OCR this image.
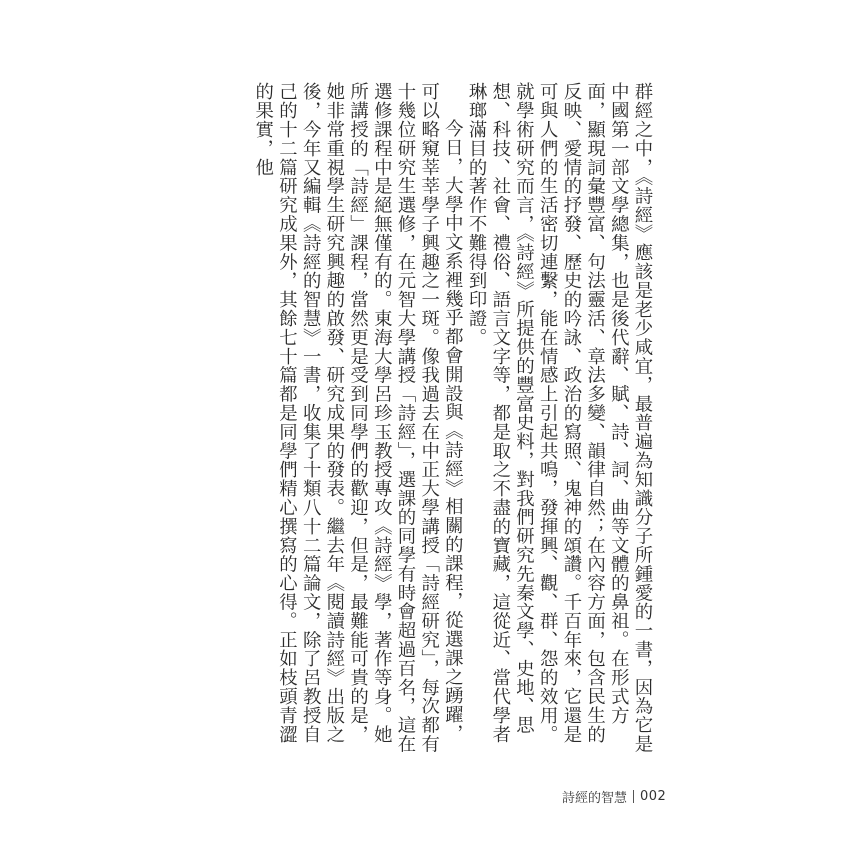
群經之中，《詩經》應該是老少咸宜，最普遍為知識分子所鍾愛的一書，因為它是中國第一部文學總集，也是後代辭、賦、詩、詞、曲等文體的鼻祖。在形式方面，顯現詞彙豐富、句法靈活、章法多變、韻律自然；在內容方面，包含民生的反映、愛情的抒發、歷史的吟詠、政治的寫照、鬼神的頌讚。千百年來，它還是可與人們的生活密切連繫，能在情感上引起共鳴，發揮興、觀、群、怨的效用。就學術研究而言，《詩經》所提供的豐富史料，對我們研究先秦文學、史地、思想、科技、社會、禮俗、語言文字等，都是取之不盡的寶藏，這從近、當代學者琳瑯滿目的著作不難得到印證。

今日，大學中文系裡幾乎都會開設與《詩經》相關的課程，從選課之踴躍，可以略窺莘莘學子興趣之一斑。像我過去在中正大學講授「詩經研究」，每次都有十幾位研究生選修，在元智大學講授「詩經」，選課的同學有時會超過百名，這在選修課程中是絕無僅有的。東海大學呂珍玉教授專攻《詩經》學，著作等身。她所講授的「詩經」課程，當然更是受到同學們的歡迎，但是，最難能可貴的是，她非常重視學生研究興趣的啟發、研究成果的發表。繼去年《閱讀詩經》出版之後，今年又編輯《詩經的智慧》一書，收集了十類八十二篇論文，除了呂教授自己的十二篇研究成果外，其餘七十篇都是同學們精心撰寫的心得。正如枝頭青澀的果實，他

詩經的智慧 002
